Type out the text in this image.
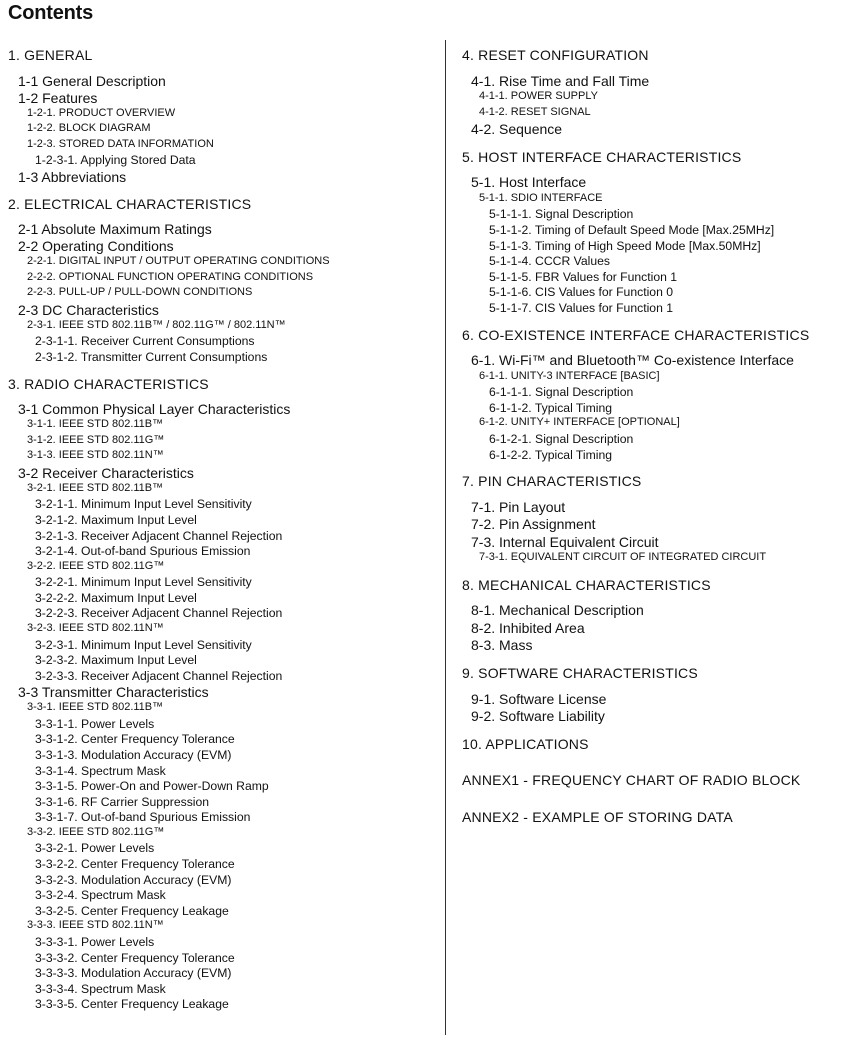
Contents
1. GENERAL
1-1 General Description
1-2 Features
1-2-1. PRODUCT OVERVIEW
1-2-2. BLOCK DIAGRAM
1-2-3. STORED DATA INFORMATION
1-2-3-1. Applying Stored Data
1-3 Abbreviations
2. ELECTRICAL CHARACTERISTICS
2-1 Absolute Maximum Ratings
2-2 Operating Conditions
2-2-1. DIGITAL INPUT / OUTPUT OPERATING CONDITIONS
2-2-2. OPTIONAL FUNCTION OPERATING CONDITIONS
2-2-3. PULL-UP / PULL-DOWN CONDITIONS
2-3 DC Characteristics
2-3-1. IEEE STD 802.11B™ / 802.11G™ / 802.11N™
2-3-1-1. Receiver Current Consumptions
2-3-1-2. Transmitter Current Consumptions
3. RADIO CHARACTERISTICS
3-1 Common Physical Layer Characteristics
3-1-1. IEEE STD 802.11B™
3-1-2. IEEE STD 802.11G™
3-1-3. IEEE STD 802.11N™
3-2 Receiver Characteristics
3-2-1. IEEE STD 802.11B™
3-2-1-1. Minimum Input Level Sensitivity
3-2-1-2. Maximum Input Level
3-2-1-3. Receiver Adjacent Channel Rejection
3-2-1-4. Out-of-band Spurious Emission
3-2-2. IEEE STD 802.11G™
3-2-2-1. Minimum Input Level Sensitivity
3-2-2-2. Maximum Input Level
3-2-2-3. Receiver Adjacent Channel Rejection
3-2-3. IEEE STD 802.11N™
3-2-3-1. Minimum Input Level Sensitivity
3-2-3-2. Maximum Input Level
3-2-3-3. Receiver Adjacent Channel Rejection
3-3 Transmitter Characteristics
3-3-1. IEEE STD 802.11B™
3-3-1-1. Power Levels
3-3-1-2. Center Frequency Tolerance
3-3-1-3. Modulation Accuracy (EVM)
3-3-1-4. Spectrum Mask
3-3-1-5. Power-On and Power-Down Ramp
3-3-1-6. RF Carrier Suppression
3-3-1-7. Out-of-band Spurious Emission
3-3-2. IEEE STD 802.11G™
3-3-2-1. Power Levels
3-3-2-2. Center Frequency Tolerance
3-3-2-3. Modulation Accuracy (EVM)
3-3-2-4. Spectrum Mask
3-3-2-5. Center Frequency Leakage
3-3-3. IEEE STD 802.11N™
3-3-3-1. Power Levels
3-3-3-2. Center Frequency Tolerance
3-3-3-3. Modulation Accuracy (EVM)
3-3-3-4. Spectrum Mask
3-3-3-5. Center Frequency Leakage
4. RESET CONFIGURATION
4-1. Rise Time and Fall Time
4-1-1. POWER SUPPLY
4-1-2. RESET SIGNAL
4-2. Sequence
5. HOST INTERFACE CHARACTERISTICS
5-1. Host Interface
5-1-1. SDIO INTERFACE
5-1-1-1. Signal Description
5-1-1-2. Timing of Default Speed Mode [Max.25MHz]
5-1-1-3. Timing of High Speed Mode [Max.50MHz]
5-1-1-4. CCCR Values
5-1-1-5. FBR Values for Function 1
5-1-1-6. CIS Values for Function 0
5-1-1-7. CIS Values for Function 1
6. CO-EXISTENCE INTERFACE CHARACTERISTICS
6-1. Wi-Fi™ and Bluetooth™ Co-existence Interface
6-1-1. UNITY-3 INTERFACE [BASIC]
6-1-1-1. Signal Description
6-1-1-2. Typical Timing
6-1-2. UNITY+ INTERFACE [OPTIONAL]
6-1-2-1. Signal Description
6-1-2-2. Typical Timing
7. PIN CHARACTERISTICS
7-1. Pin Layout
7-2. Pin Assignment
7-3. Internal Equivalent Circuit
7-3-1. EQUIVALENT CIRCUIT OF INTEGRATED CIRCUIT
8. MECHANICAL CHARACTERISTICS
8-1. Mechanical Description
8-2. Inhibited Area
8-3. Mass
9. SOFTWARE CHARACTERISTICS
9-1. Software License
9-2. Software Liability
10. APPLICATIONS
ANNEX1 - FREQUENCY CHART OF RADIO BLOCK
ANNEX2 - EXAMPLE OF STORING DATA
